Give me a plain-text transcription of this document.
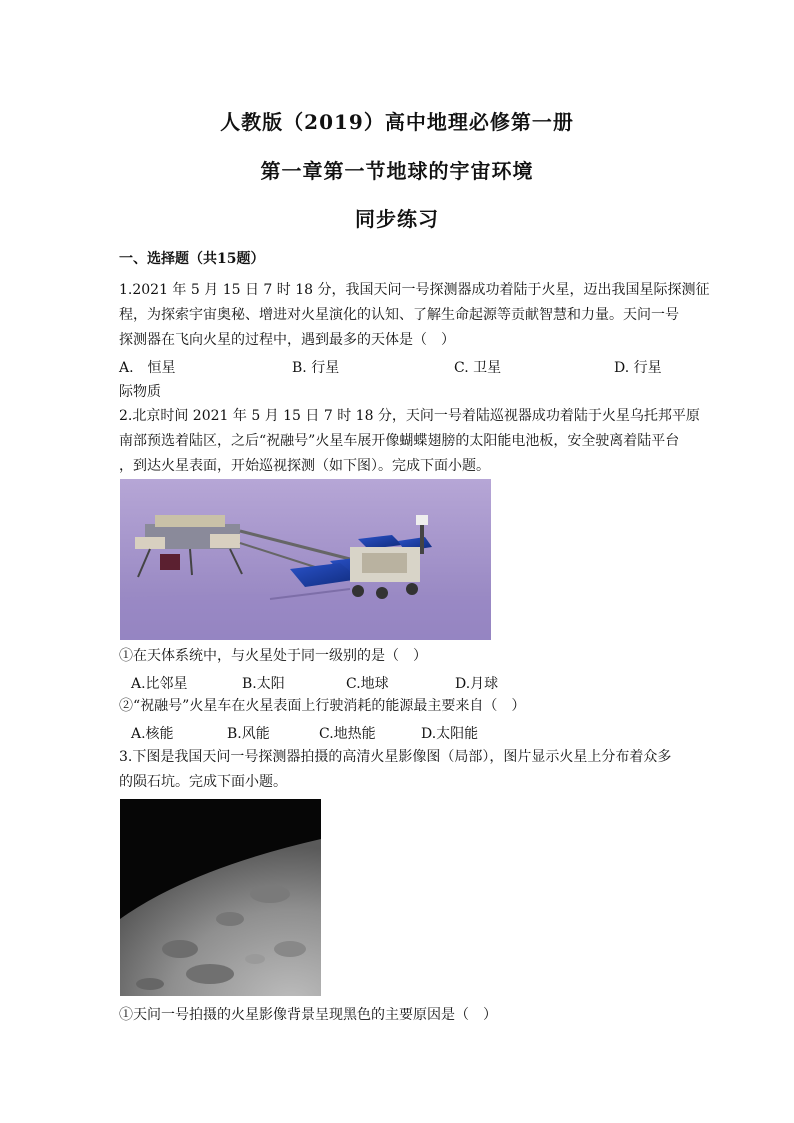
人教版（2019）高中地理必修第一册
第一章第一节地球的宇宙环境
同步练习
一、选择题（共15题）
1.2021 年 5 月 15 日 7 时 18 分，我国天问一号探测器成功着陆于火星，迈出我国星际探测征
程，为探索宇宙奥秘、增进对火星演化的认知、了解生命起源等贡献智慧和力量。天问一号
探测器在飞向火星的过程中，遇到最多的天体是（　）
A.　恒星	B. 行星	C. 卫星	D. 行星
际物质
2.北京时间 2021 年 5 月 15 日 7 时 18 分，天问一号着陆巡视器成功着陆于火星乌托邦平原
南部预选着陆区，之后“祝融号”火星车展开像蝴蝶翅膀的太阳能电池板，安全驶离着陆平台
，到达火星表面，开始巡视探测（如下图）。完成下面小题。
①在天体系统中，与火星处于同一级别的是（　）
A.比邻星	B.太阳	C.地球	D.月球
②“祝融号”火星车在火星表面上行驶消耗的能源最主要来自（　）
A.核能	B.风能	C.地热能	D.太阳能
3.下图是我国天问一号探测器拍摄的高清火星影像图（局部），图片显示火星上分布着众多
的陨石坑。完成下面小题。
①天问一号拍摄的火星影像背景呈现黑色的主要原因是（　）
